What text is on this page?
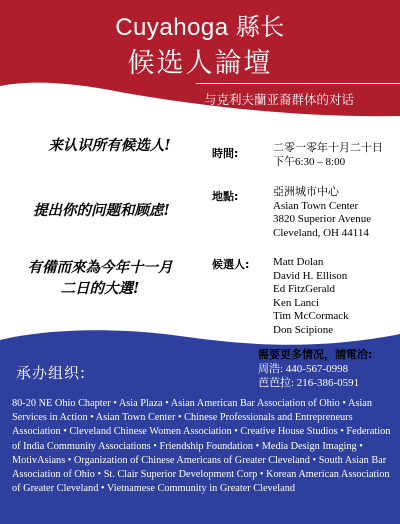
Cuyahoga 縣长
候选人論壇
与克利夫蘭亚裔群体的对话
来认识所有候选人!
提出你的问题和顾虑!
有備而來為今年十一月
二日的大選!
時間:	二零一零年十月二十日
下午6:30 – 8:00
地點:	亞洲城市中心
Asian Town Center
3820 Superior Avenue
Cleveland, OH 44114
候選人: Matt Dolan
David H. Ellison
Ed FitzGerald
Ken Lanci
Tim McCormack
Don Scipione
需要更多情况，請電洽:
周浩: 440-567-0998
芭芭拉: 216-386-0591
承办组织:
80-20 NE Ohio Chapter • Asia Plaza • Asian American Bar Association of Ohio • Asian Services in Action • Asian Town Center • Chinese Professionals and Entrepreneurs Association • Cleveland Chinese Women Association • Creative House Studios • Federation of India Community Associations • Friendship Foundation • Media Design Imaging • MotivAsians • Organization of Chinese Americans of Greater Cleveland • South Asian Bar Association of Ohio • St. Clair Superior Development Corp • Korean American Association of Greater Cleveland • Vietnamese Community in Greater Cleveland
